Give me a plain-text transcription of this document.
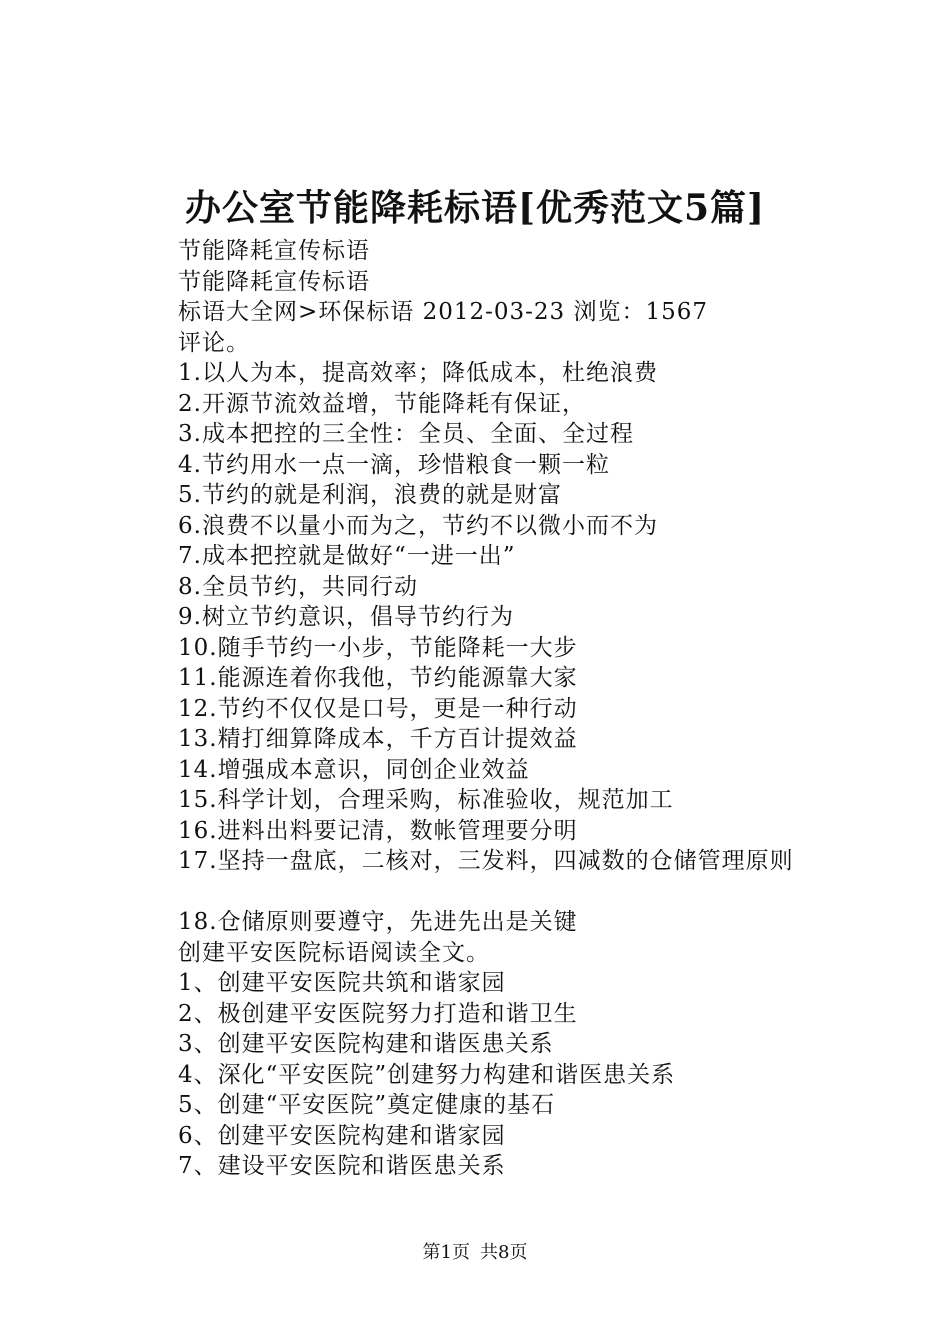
办公室节能降耗标语[优秀范文5篇]
节能降耗宣传标语
节能降耗宣传标语
标语大全网>环保标语 2012-03-23 浏览：1567
评论。
1.以人为本，提高效率；降低成本，杜绝浪费
2.开源节流效益增，节能降耗有保证，
3.成本把控的三全性：全员、全面、全过程
4.节约用水一点一滴，珍惜粮食一颗一粒
5.节约的就是利润，浪费的就是财富
6.浪费不以量小而为之，节约不以微小而不为
7.成本把控就是做好“一进一出”
8.全员节约，共同行动
9.树立节约意识，倡导节约行为
10.随手节约一小步，节能降耗一大步
11.能源连着你我他，节约能源靠大家
12.节约不仅仅是口号，更是一种行动
13.精打细算降成本，千方百计提效益
14.增强成本意识，同创企业效益
15.科学计划，合理采购，标准验收，规范加工
16.进料出料要记清，数帐管理要分明
17.坚持一盘底，二核对，三发料，四减数的仓储管理原则
18.仓储原则要遵守，先进先出是关键
创建平安医院标语阅读全文。
1、创建平安医院共筑和谐家园
2、极创建平安医院努力打造和谐卫生
3、创建平安医院构建和谐医患关系
4、深化“平安医院”创建努力构建和谐医患关系
5、创建“平安医院”奠定健康的基石
6、创建平安医院构建和谐家园
7、建设平安医院和谐医患关系
第1页 共8页
